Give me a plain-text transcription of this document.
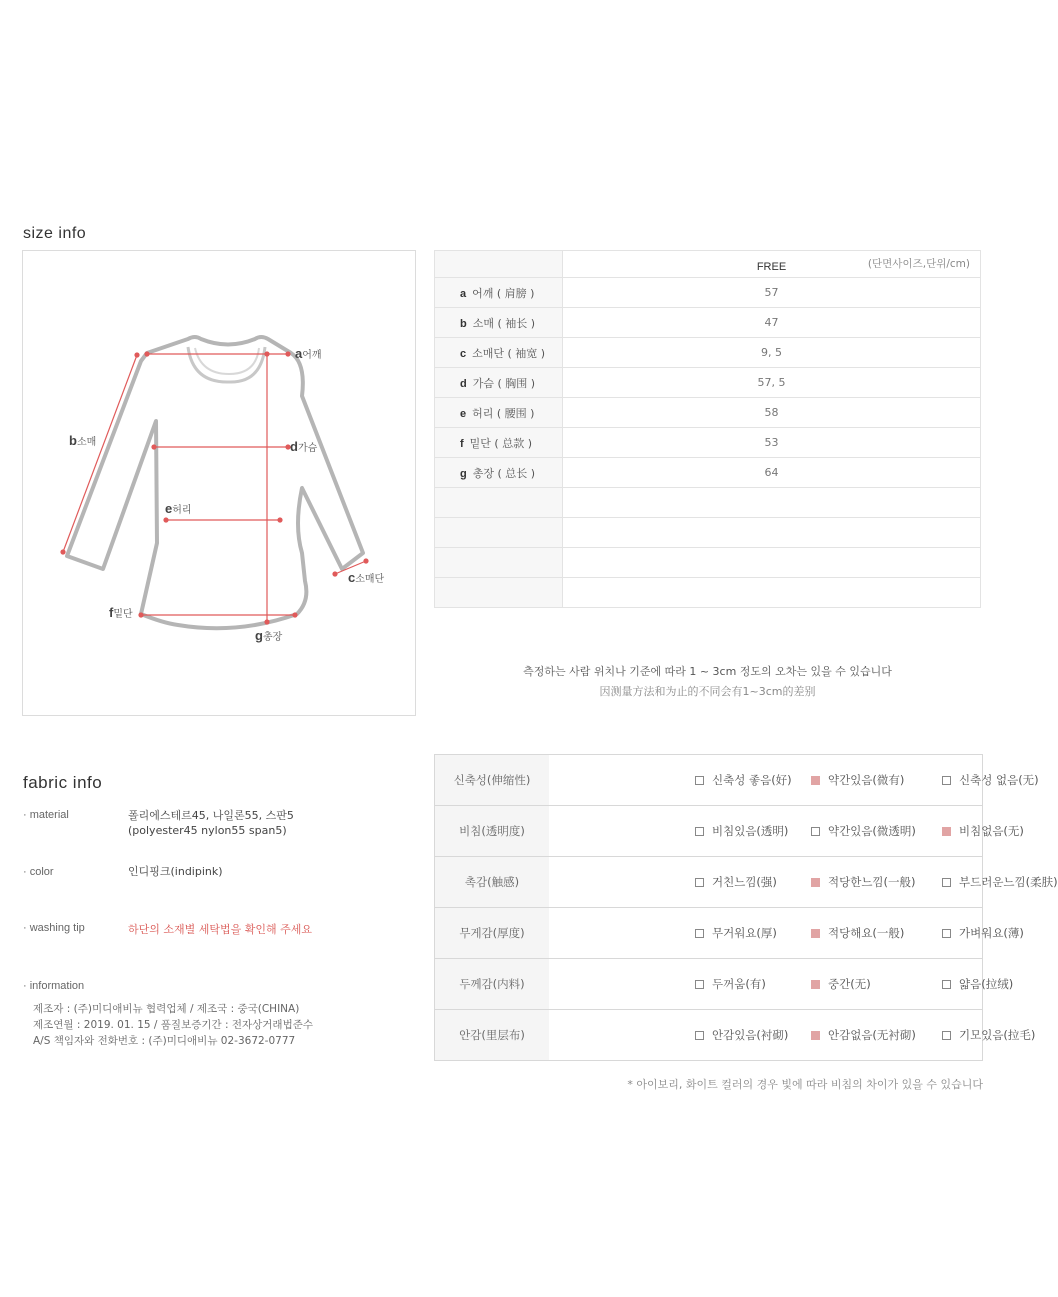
size info
a어깨
b소매
c소매단
d가슴
e허리
f밑단
g총장

	FREE (단면사이즈,단위/cm)

a 어깨 ( 肩膀 )	57
b 소매 ( 袖长 )	47
c 소매단 ( 袖宽 )	9, 5
d 가슴 ( 胸围 )	57, 5
e 허리 ( 腰围 )	58
f 밑단 ( 总款 )	53
g 총장 ( 总长 )	64

측정하는 사람 위치나 기준에 따라 1 ~ 3cm 정도의 오차는 있을 수 있습니다
因测量方法和为止的不同会有1~3cm的差别
fabric info
· material	폴리에스테르45, 나일론55, 스판5
(polyester45 nylon55 span5)
· color	인디핑크(indipink)
· washing tip	하단의 소재별 세탁법을 확인해 주세요
· information
제조자 : (주)미디애비뉴 협력업체 / 제조국 : 중국(CHINA)
제조연월 : 2019. 01. 15 / 품질보증기간 : 전자상거래법준수
A/S 책임자와 전화번호 : (주)미디애비뉴 02-3672-0777
신축성(伸缩性)	신축성 좋음(好) 약간있음(微有) 신축성 없음(无)

비침(透明度)	비침있음(透明) 약간있음(微透明) 비침없음(无)

촉감(触感)	거친느낌(强) 적당한느낌(一般) 부드러운느낌(柔肤)

무게감(厚度)	무거워요(厚) 적당해요(一般) 가벼워요(薄)

두께감(内料)	두꺼움(有) 중간(无) 얇음(拉绒)

안감(里层布)	안감있음(衬砌) 안감없음(无衬砌) 기모있음(拉毛)
* 아이보리, 화이트 컬러의 경우 빛에 따라 비침의 차이가 있을 수 있습니다
